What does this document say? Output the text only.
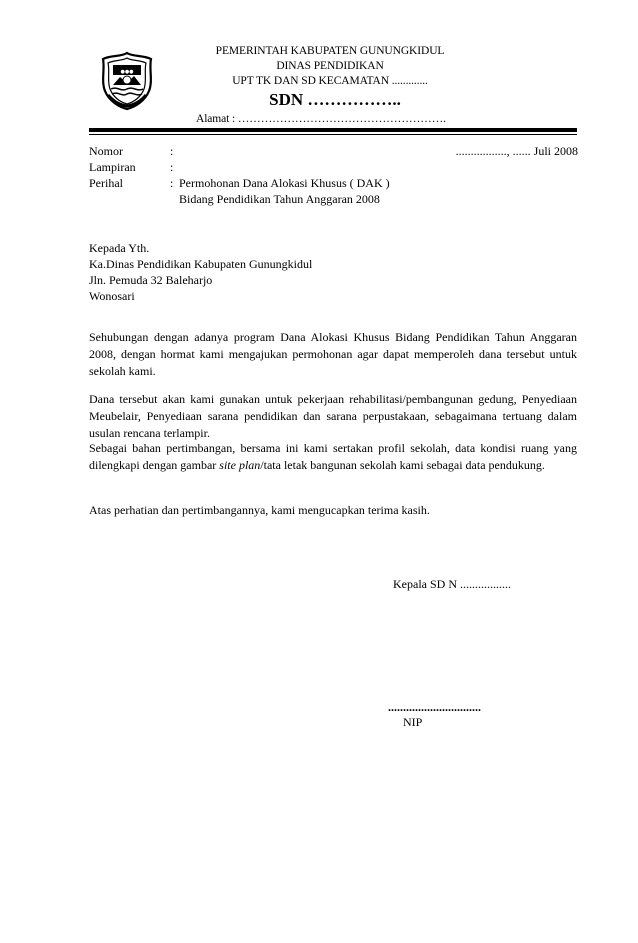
●●●
PEMERINTAH KABUPATEN GUNUNGKIDUL
DINAS PENDIDIKAN
UPT TK DAN SD KECAMATAN .............
SDN ……………..
Alamat : ……………………………………………….
Nomor	:	................., ...... Juli 2008
Lampiran	:
Perihal	: Permohonan Dana Alokasi Khusus ( DAK )
Bidang Pendidikan Tahun Anggaran 2008
Kepada Yth.
Ka.Dinas Pendidikan Kabupaten Gunungkidul
Jln. Pemuda 32 Baleharjo
Wonosari
Sehubungan dengan adanya program Dana Alokasi Khusus Bidang Pendidikan Tahun Anggaran 2008, dengan hormat kami mengajukan permohonan agar dapat memperoleh dana tersebut untuk sekolah kami.
Dana tersebut akan kami gunakan untuk pekerjaan rehabilitasi/pembangunan gedung, Penyediaan Meubelair, Penyediaan sarana pendidikan dan sarana perpustakaan, sebagaimana tertuang dalam usulan rencana terlampir.
Sebagai bahan pertimbangan, bersama ini kami sertakan profil sekolah, data kondisi ruang yang dilengkapi dengan gambar site plan/tata letak bangunan sekolah kami sebagai data pendukung.
Atas perhatian dan pertimbangannya, kami mengucapkan terima kasih.
Kepala SD N .................
...............................
NIP
